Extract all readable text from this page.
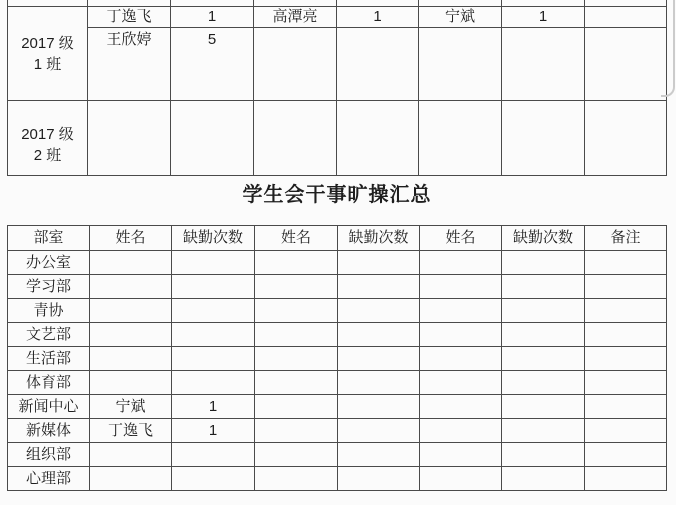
2017 级
1 班	丁逸飞	1	高潭亮	1	宁斌	1	
	王欣婷	5					

2017 级
2 班							

学生会干事旷操汇总
部室	姓名	缺勤次数	姓名	缺勤次数	姓名	缺勤次数	备注
办公室							
学习部							
青协							
文艺部							
生活部							
体育部							
新闻中心	宁斌	1					
新媒体	丁逸飞	1					
组织部							
心理部							
